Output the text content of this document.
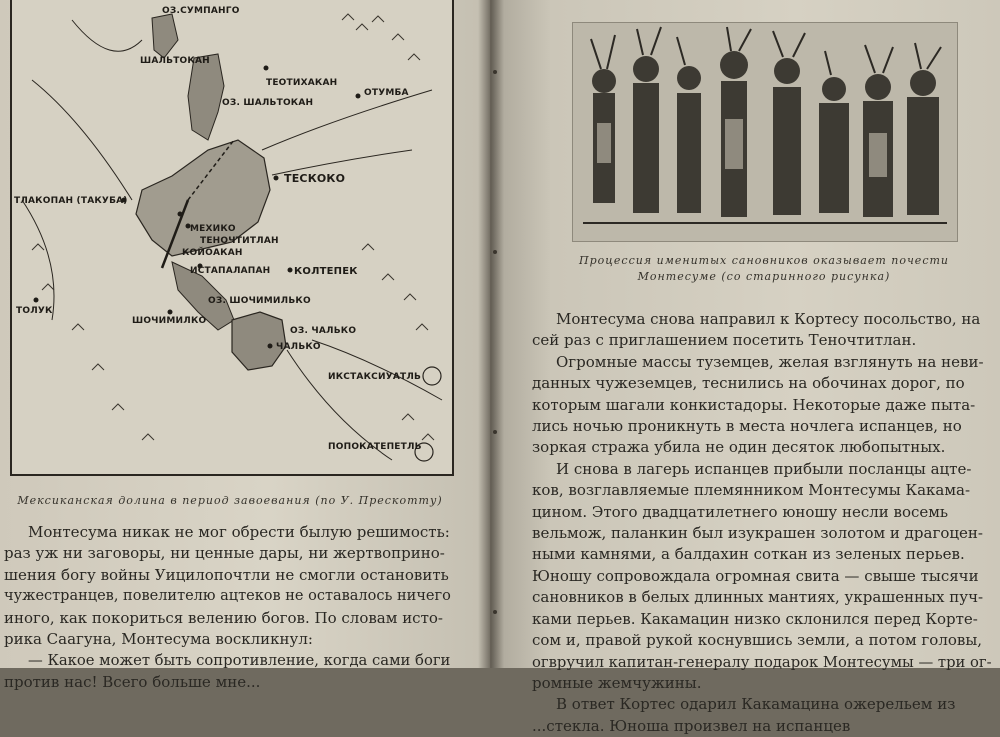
ОЗ.СУМПАНГО
ШАЛЬТОКАН
ТЕОТИХАКАН
ОЗ. ШАЛЬТОКАН
ОТУМБА
ТЕСКОКО
ТЛАКОПАН (ТАКУБА)
МЕХИКО
ТЕНОЧТИТЛАН
КОЙОАКАН
ИСТАПАЛАПАН КОЛТЕПЕК
ОЗ. ШОЧИМИЛЬКО
ТОЛУК
ШОЧИМИЛКО
ОЗ. ЧАЛЬКО
ЧАЛЬКО
ИКСТАКСИУАТЛЬ
ПОПОКАТЕПЕТЛЬ
Мексиканская долина в период завоевания (по У. Прескотту)
Монтесума никак не мог обрести былую решимость:
раз уж ни заговоры, ни ценные дары, ни жертвоприно-
шения богу войны Уицилопочтли не смогли остановить
чужестранцев, повелителю ацтеков не оставалось ничего
иного, как покориться велению богов. По словам исто-
рика Саагуна, Монтесума воскликнул:
— Какое может быть сопротивление, когда сами боги
против нас! Всего больше мне...
Процессия именитых сановников оказывает почести
Монтесуме (со старинного рисунка)
Монтесума снова направил к Кортесу посольство, на
сей раз с приглашением посетить Теночтитлан.
Огромные массы туземцев, желая взглянуть на неви-
данных чужеземцев, теснились на обочинах дорог, по
которым шагали конкистадоры. Некоторые даже пыта-
лись ночью проникнуть в места ночлега испанцев, но
зоркая стража убила не один десяток любопытных.
И снова в лагерь испанцев прибыли посланцы ацте-
ков, возглавляемые племянником Монтесумы Какама-
цином. Этого двадцатилетнего юношу несли восемь
вельмож, паланкин был изукрашен золотом и драгоцен-
ными камнями, а балдахин соткан из зеленых перьев.
Юношу сопровождала огромная свита — свыше тысячи
сановников в белых длинных мантиях, украшенных пуч-
ками перьев. Какамацин низко склонился перед Корте-
сом и, правой рукой коснувшись земли, а потом головы,
огвручил капитан-генералу подарок Монтесумы — три ог-
ромные жемчужины.
В ответ Кортес одарил Какамацина ожерельем из
...стекла. Юноша произвел на испанцев
